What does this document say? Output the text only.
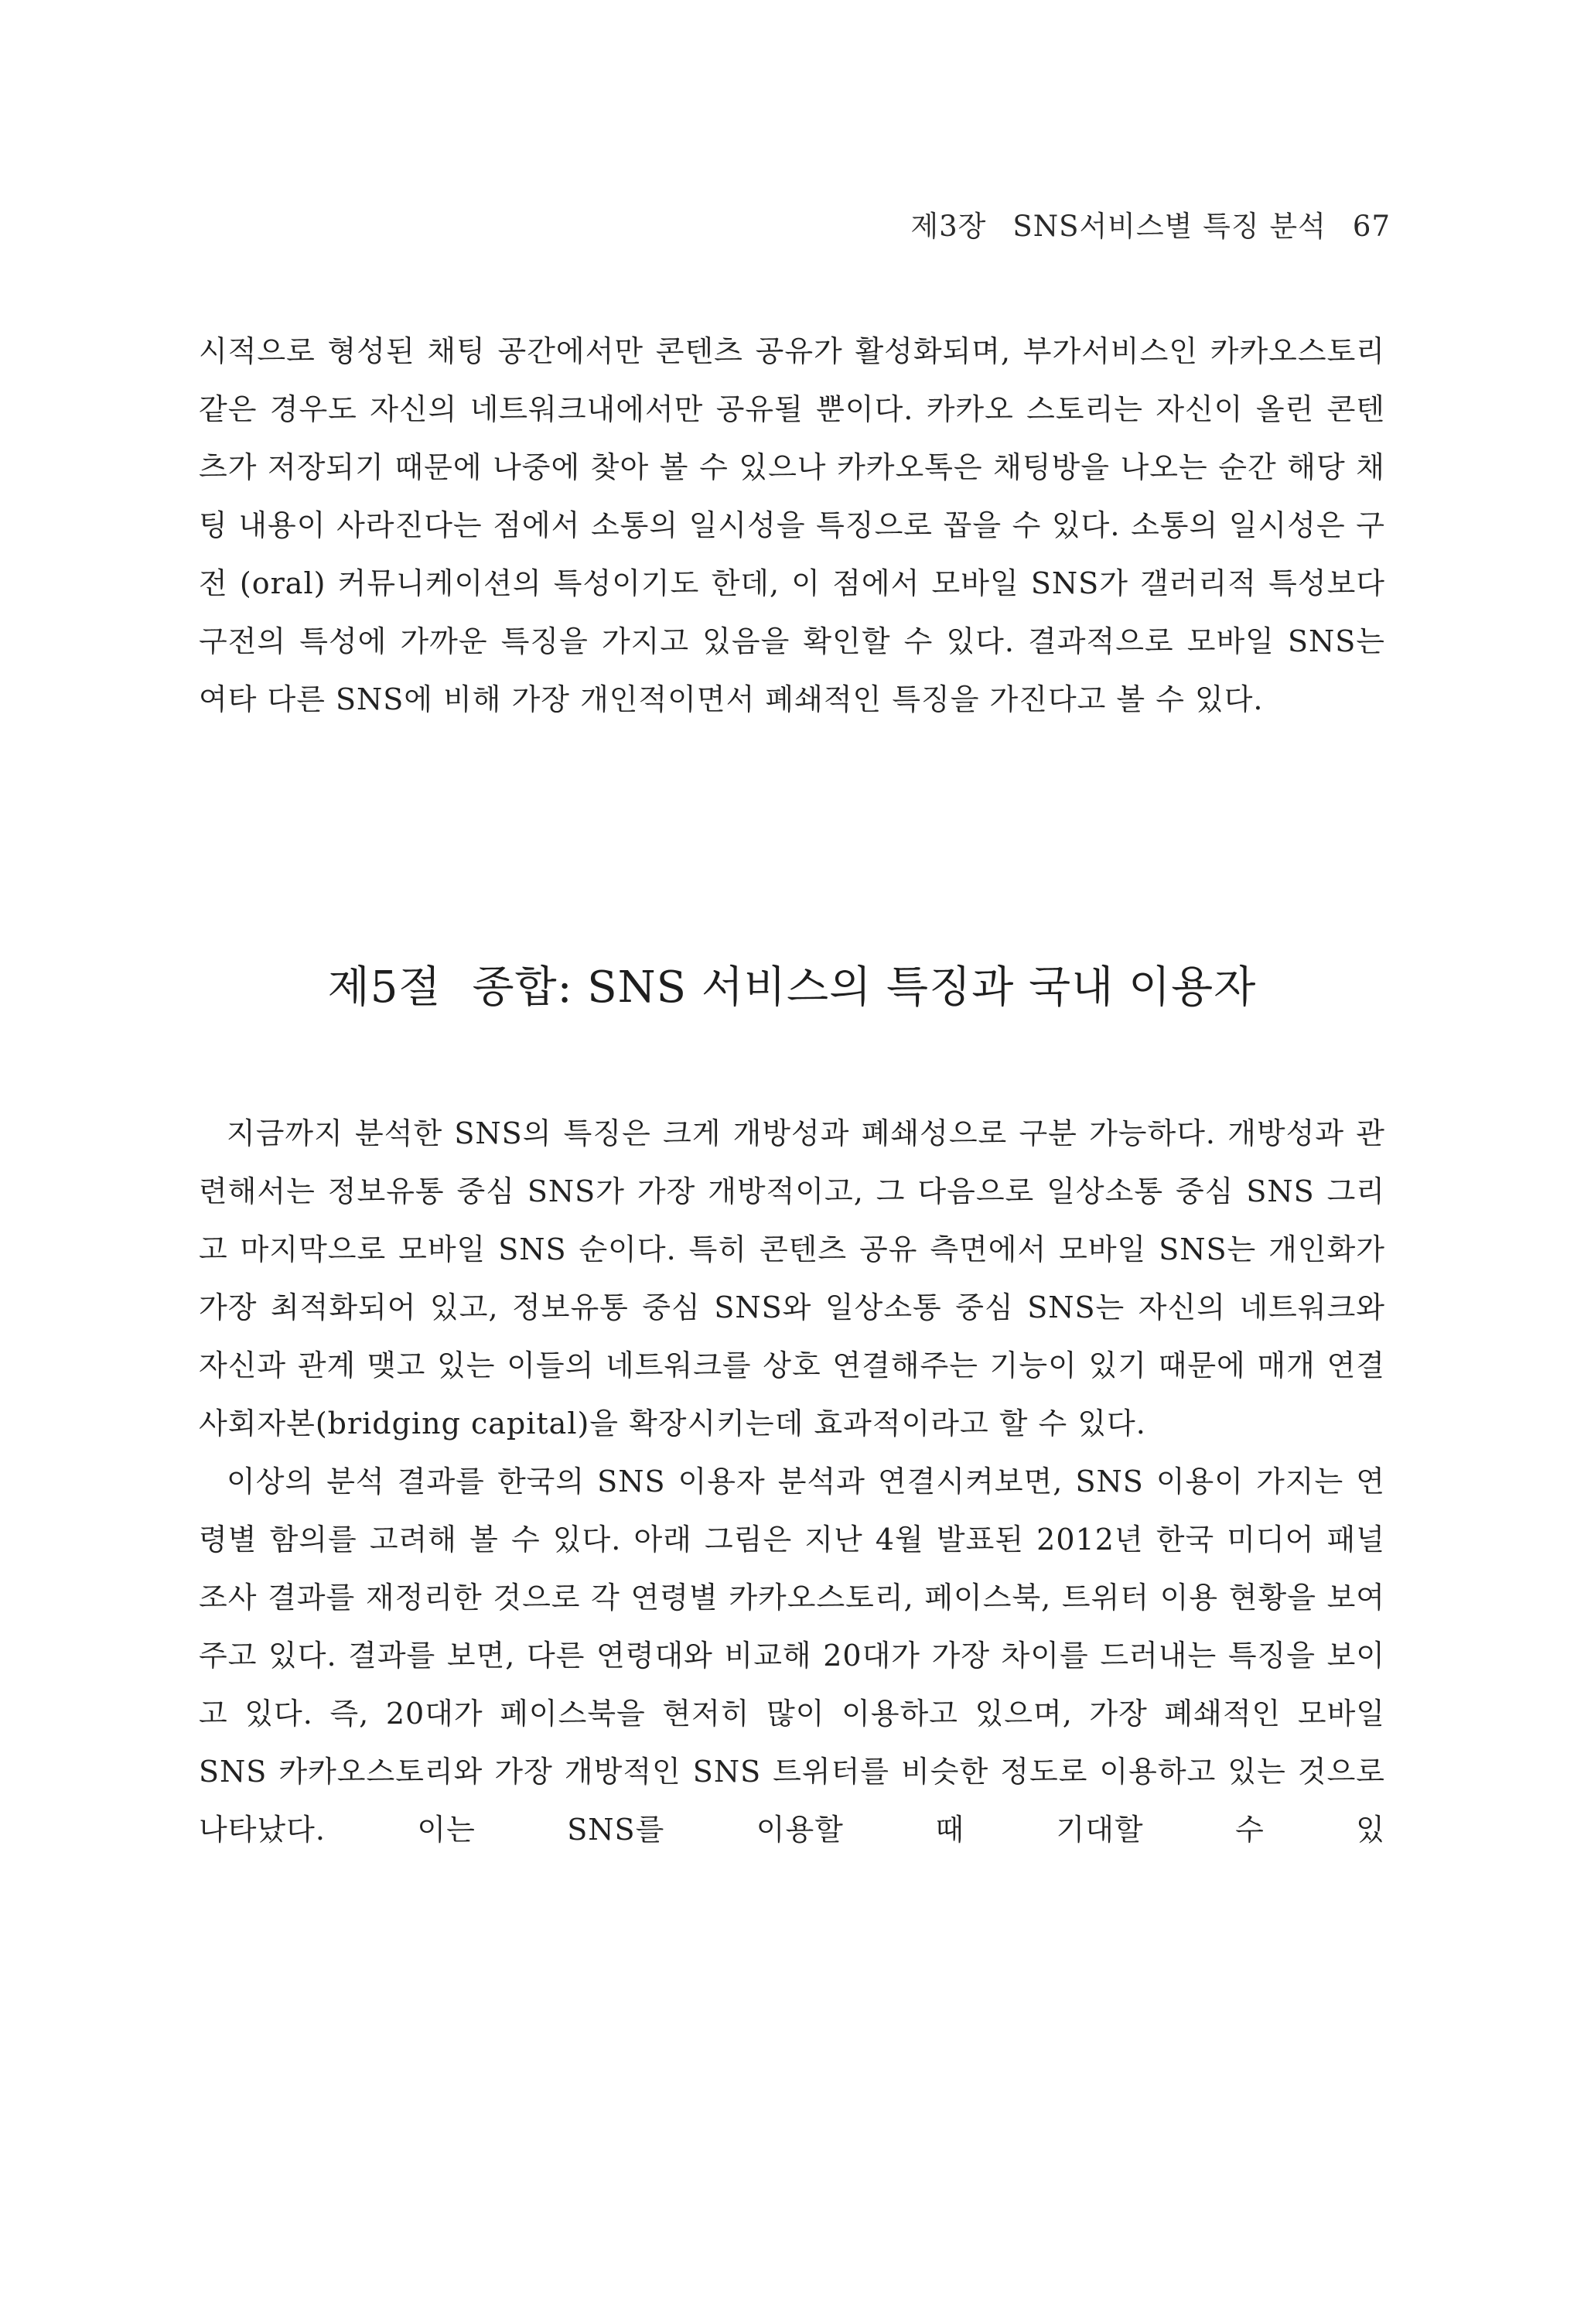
제3장 SNS서비스별 특징 분석 67

시적으로 형성된 채팅 공간에서만 콘텐츠 공유가 활성화되며, 부가서비스인 카카오스토리 같은 경우도 자신의 네트워크내에서만 공유될 뿐이다. 카카오 스토리는 자신이 올린 콘텐츠가 저장되기 때문에 나중에 찾아 볼 수 있으나 카카오톡은 채팅방을 나오는 순간 해당 채팅 내용이 사라진다는 점에서 소통의 일시성을 특징으로 꼽을 수 있다. 소통의 일시성은 구전 (oral) 커뮤니케이션의 특성이기도 한데, 이 점에서 모바일 SNS가 갤러리적 특성보다 구전의 특성에 가까운 특징을 가지고 있음을 확인할 수 있다. 결과적으로 모바일 SNS는 여타 다른 SNS에 비해 가장 개인적이면서 폐쇄적인 특징을 가진다고 볼 수 있다.

제5절 종합: SNS 서비스의 특징과 국내 이용자

지금까지 분석한 SNS의 특징은 크게 개방성과 폐쇄성으로 구분 가능하다. 개방성과 관련해서는 정보유통 중심 SNS가 가장 개방적이고, 그 다음으로 일상소통 중심 SNS 그리고 마지막으로 모바일 SNS 순이다. 특히 콘텐츠 공유 측면에서 모바일 SNS는 개인화가 가장 최적화되어 있고, 정보유통 중심 SNS와 일상소통 중심 SNS는 자신의 네트워크와 자신과 관계 맺고 있는 이들의 네트워크를 상호 연결해주는 기능이 있기 때문에 매개 연결 사회자본(bridging capital)을 확장시키는데 효과적이라고 할 수 있다.

이상의 분석 결과를 한국의 SNS 이용자 분석과 연결시켜보면, SNS 이용이 가지는 연령별 함의를 고려해 볼 수 있다. 아래 그림은 지난 4월 발표된 2012년 한국 미디어 패널 조사 결과를 재정리한 것으로 각 연령별 카카오스토리, 페이스북, 트위터 이용 현황을 보여주고 있다. 결과를 보면, 다른 연령대와 비교해 20대가 가장 차이를 드러내는 특징을 보이고 있다. 즉, 20대가 페이스북을 현저히 많이 이용하고 있으며, 가장 폐쇄적인 모바일 SNS 카카오스토리와 가장 개방적인 SNS 트위터를 비슷한 정도로 이용하고 있는 것으로 나타났다. 이는 SNS를 이용할 때 기대할 수 있
